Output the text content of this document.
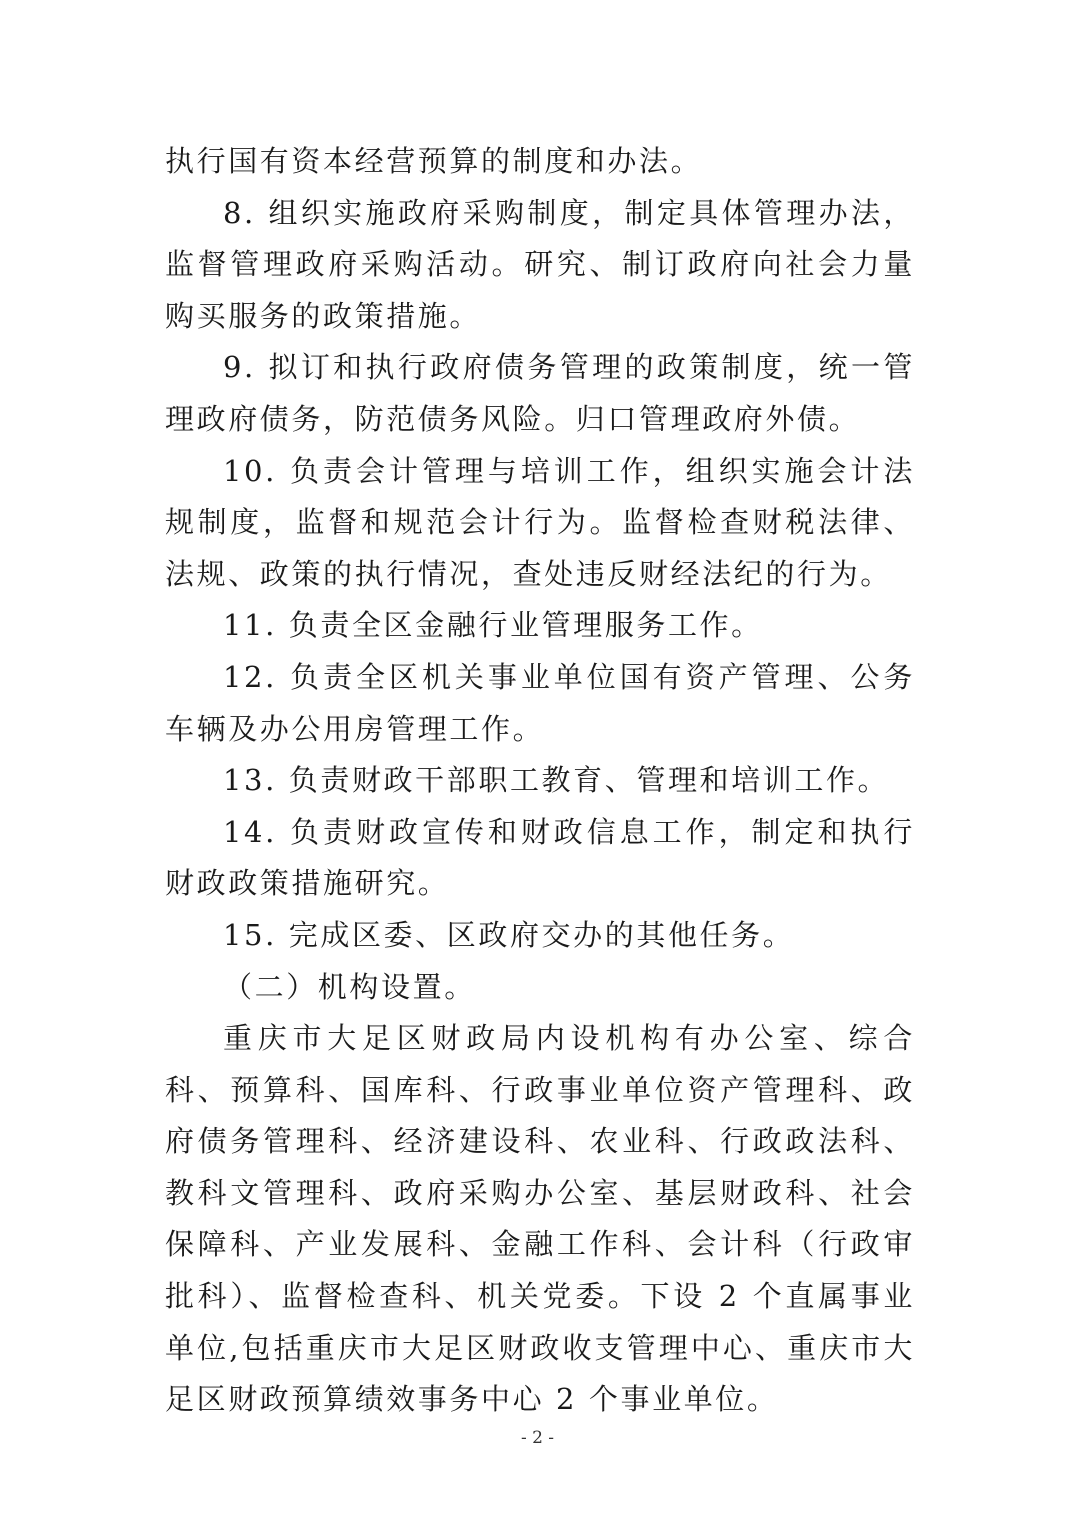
执行国有资本经营预算的制度和办法。

8. 组织实施政府采购制度，制定具体管理办法，监督管理政府采购活动。研究、制订政府向社会力量购买服务的政策措施。

9. 拟订和执行政府债务管理的政策制度，统一管理政府债务，防范债务风险。归口管理政府外债。

10. 负责会计管理与培训工作，组织实施会计法规制度，监督和规范会计行为。监督检查财税法律、法规、政策的执行情况，查处违反财经法纪的行为。

11. 负责全区金融行业管理服务工作。

12. 负责全区机关事业单位国有资产管理、公务车辆及办公用房管理工作。

13. 负责财政干部职工教育、管理和培训工作。

14. 负责财政宣传和财政信息工作，制定和执行财政政策措施研究。

15. 完成区委、区政府交办的其他任务。

（二）机构设置。

重庆市大足区财政局内设机构有办公室、综合科、预算科、国库科、行政事业单位资产管理科、政府债务管理科、经济建设科、农业科、行政政法科、教科文管理科、政府采购办公室、基层财政科、社会保障科、产业发展科、金融工作科、会计科（行政审批科）、监督检查科、机关党委。下设 2 个直属事业单位,包括重庆市大足区财政收支管理中心、重庆市大足区财政预算绩效事务中心 2 个事业单位。

- 2 -
